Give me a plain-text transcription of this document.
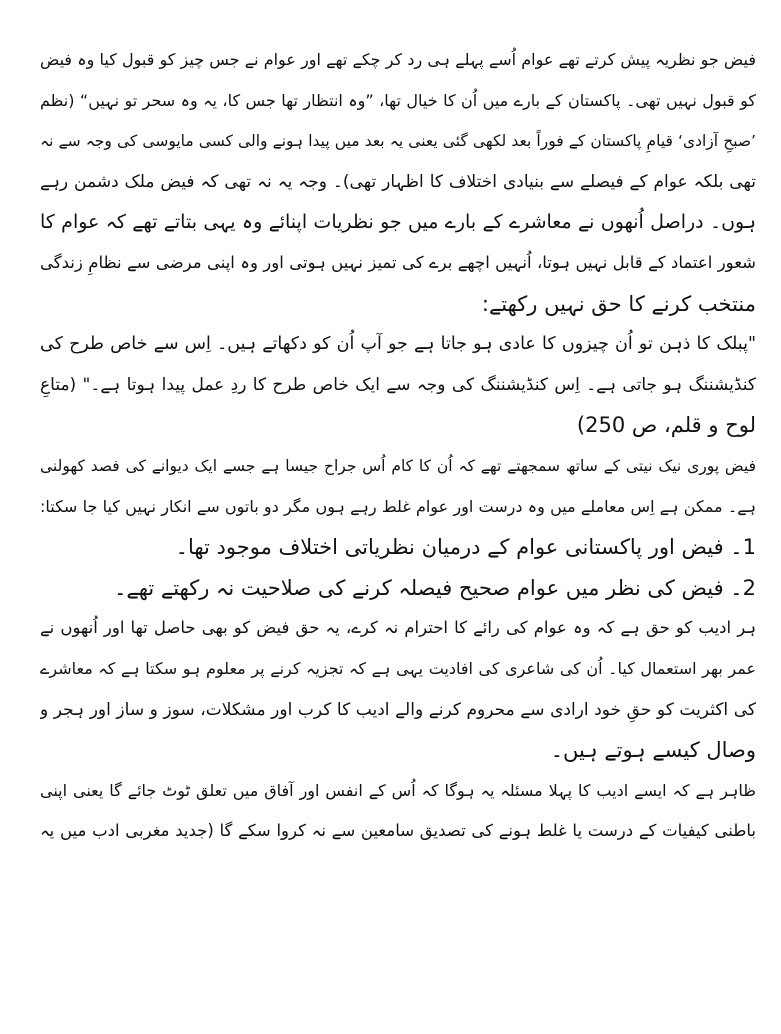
فیض جو نظریہ پیش کرتے تھے عوام اُسے پہلے ہی رد کر چکے تھے اور عوام نے جس چیز کو قبول کیا وہ فیض
کو قبول نہیں تھی۔ پاکستان کے بارے میں اُن کا خیال تھا، ”وہ انتظار تھا جس کا، یہ وہ سحر تو نہیں“ (نظم
’صبحِ آزادی‘ قیامِ پاکستان کے فوراً بعد لکھی گئی یعنی یہ بعد میں پیدا ہونے والی کسی مایوسی کی وجہ سے نہ
تھی بلکہ عوام کے فیصلے سے بنیادی اختلاف کا اظہار تھی)۔ وجہ یہ نہ تھی کہ فیض ملک دشمن رہے
ہوں۔ دراصل اُنھوں نے معاشرے کے بارے میں جو نظریات اپنائے وہ یہی بتاتے تھے کہ عوام کا
شعور اعتماد کے قابل نہیں ہوتا، اُنہیں اچھے برے کی تمیز نہیں ہوتی اور وہ اپنی مرضی سے نظامِ زندگی
منتخب کرنے کا حق نہیں رکھتے:
"پبلک کا ذہن تو اُن چیزوں کا عادی ہو جاتا ہے جو آپ اُن کو دکھاتے ہیں۔ اِس سے خاص طرح کی
کنڈیشننگ ہو جاتی ہے۔ اِس کنڈیشننگ کی وجہ سے ایک خاص طرح کا ردِ عمل پیدا ہوتا ہے۔" (متاعِ
لوح و قلم، ص 250)
فیض پوری نیک نیتی کے ساتھ سمجھتے تھے کہ اُن کا کام اُس جراح جیسا ہے جسے ایک دیوانے کی فصد کھولنی
ہے۔ ممکن ہے اِس معاملے میں وہ درست اور عوام غلط رہے ہوں مگر دو باتوں سے انکار نہیں کیا جا سکتا:
1۔ فیض اور پاکستانی عوام کے درمیان نظریاتی اختلاف موجود تھا۔
2۔ فیض کی نظر میں عوام صحیح فیصلہ کرنے کی صلاحیت نہ رکھتے تھے۔
ہر ادیب کو حق ہے کہ وہ عوام کی رائے کا احترام نہ کرے، یہ حق فیض کو بھی حاصل تھا اور اُنھوں نے
عمر بھر استعمال کیا۔ اُن کی شاعری کی افادیت یہی ہے کہ تجزیہ کرنے پر معلوم ہو سکتا ہے کہ معاشرے
کی اکثریت کو حقِ خود ارادی سے محروم کرنے والے ادیب کا کرب اور مشکلات، سوز و ساز اور ہجر و
وصال کیسے ہوتے ہیں۔
ظاہر ہے کہ ایسے ادیب کا پہلا مسئلہ یہ ہوگا کہ اُس کے انفس اور آفاق میں تعلق ٹوٹ جائے گا یعنی اپنی
باطنی کیفیات کے درست یا غلط ہونے کی تصدیق سامعین سے نہ کروا سکے گا (جدید مغربی ادب میں یہ
